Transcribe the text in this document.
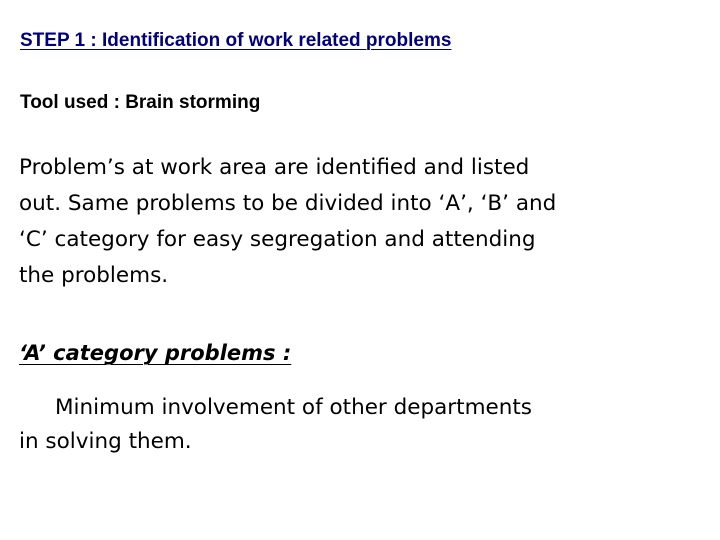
STEP 1 : Identification of work related problems
Tool used : Brain storming

Problem’s at work area are identified and listed
out. Same problems to be divided into ‘A’, ‘B’ and
‘C’ category for easy segregation and attending
the problems.

‘A’ category problems :

Minimum involvement of other departments
in solving them.
